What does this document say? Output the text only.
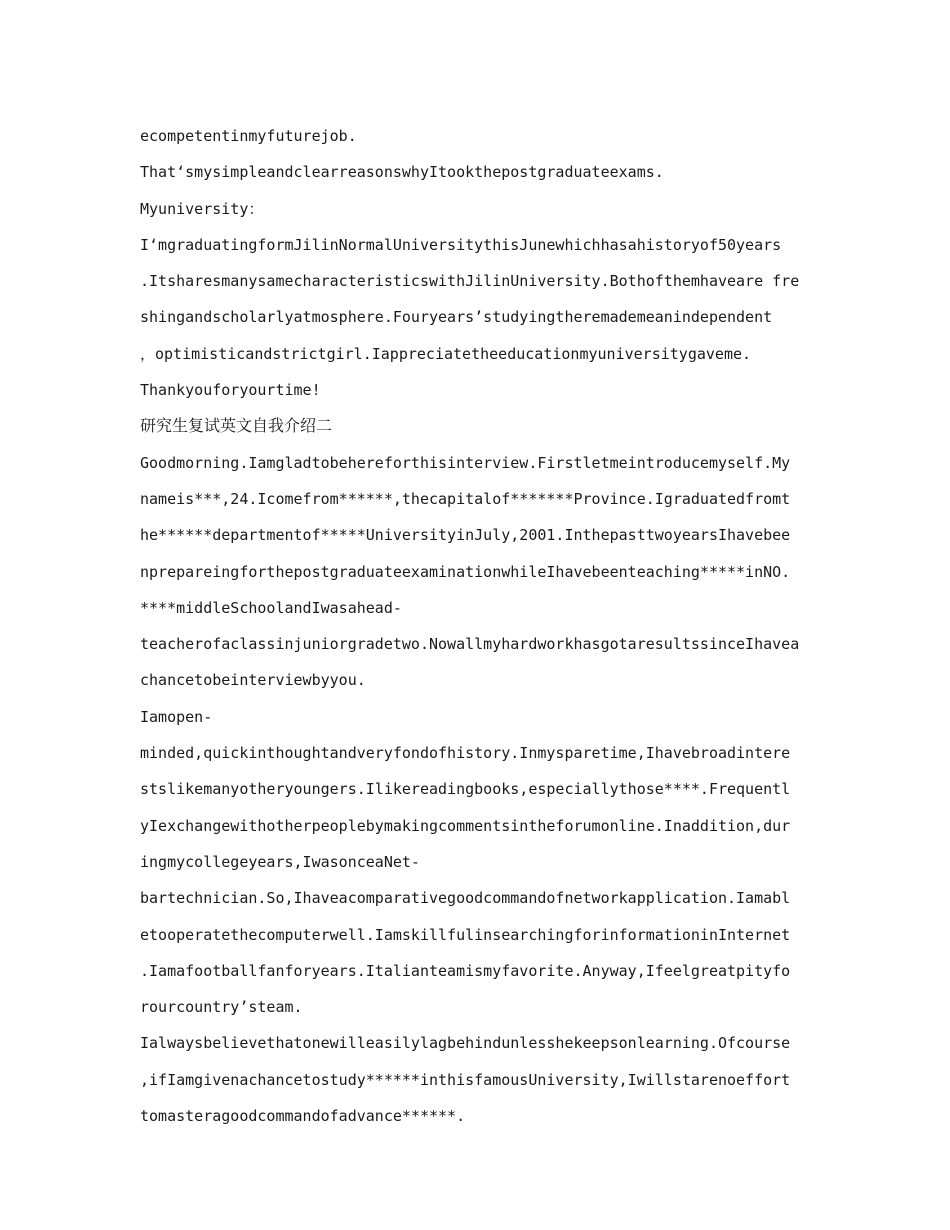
ecompetentinmyfuturejob.
That‘smysimpleandclearreasonswhyItookthepostgraduateexams.
Myuniversity：
I‘mgraduatingformJilinNormalUniversitythisJunewhichhasahistoryof50years
.ItsharesmanysamecharacteristicswithJilinUniversity.Bothofthemhaveare fre
shingandscholarlyatmosphere.Fouryears’studyingtheremademeanindependent
，optimisticandstrictgirl.Iappreciatetheeducationmyuniversitygaveme.
Thankyouforyourtime!
研究生复试英文自我介绍二
Goodmorning.Iamgladtobehereforthisinterview.Firstletmeintroducemyself.My
nameis***,24.Icomefrom******,thecapitalof*******Province.Igraduatedfromt
he******departmentof*****UniversityinJuly,2001.InthepasttwoyearsIhavebee
nprepareingforthepostgraduateexaminationwhileIhavebeenteaching*****inNO.
****middleSchoolandIwasahead-
teacherofaclassinjuniorgradetwo.NowallmyhardworkhasgotaresultssinceIhavea
chancetobeinterviewbyyou.
Iamopen-
minded,quickinthoughtandveryfondofhistory.Inmysparetime,Ihavebroadintere
stslikemanyotheryoungers.Ilikereadingbooks,especiallythose****.Frequentl
yIexchangewithotherpeoplebymakingcommentsintheforumonline.Inaddition,dur
ingmycollegeyears,IwasonceaNet-
bartechnician.So,Ihaveacomparativegoodcommandofnetworkapplication.Iamabl
etooperatethecomputerwell.IamskillfulinsearchingforinformationinInternet
.Iamafootballfanforyears.Italianteamismyfavorite.Anyway,Ifeelgreatpityfo
rourcountry’steam.
Ialwaysbelievethatonewilleasilylagbehindunlesshekeepsonlearning.Ofcourse
,ifIamgivenachancetostudy******inthisfamousUniversity,Iwillstarenoeffort
tomasteragoodcommandofadvance******.
